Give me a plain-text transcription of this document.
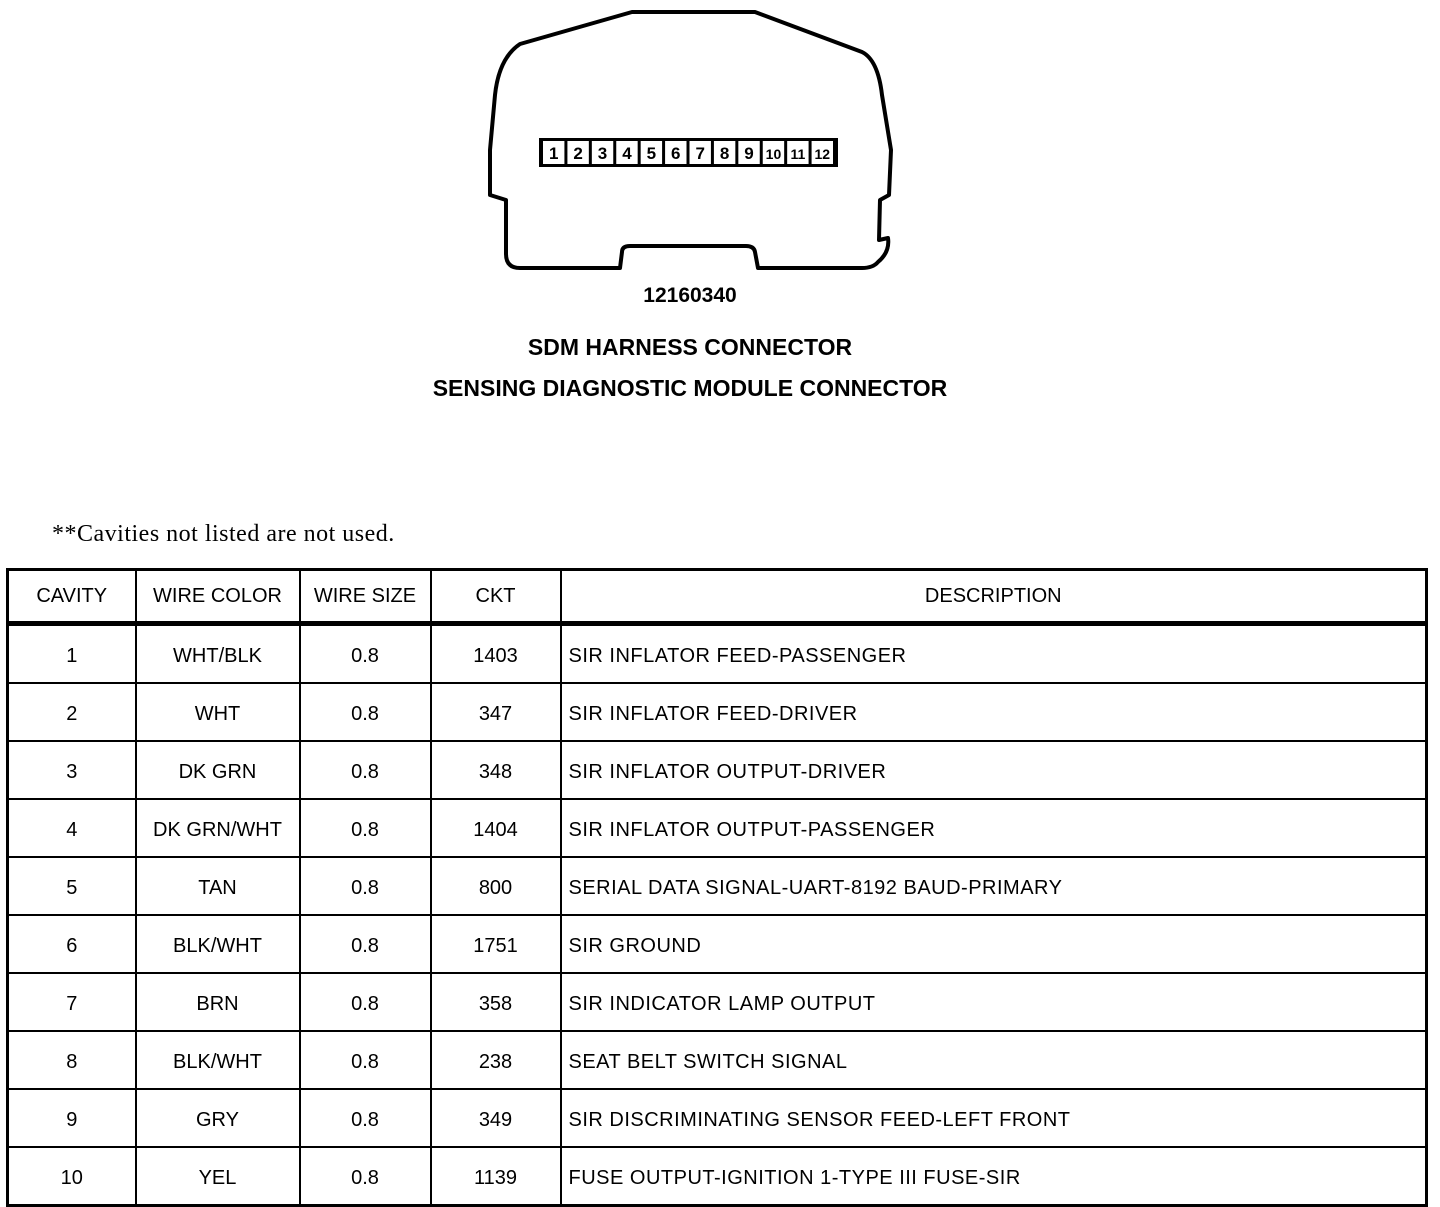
1 2 3 4 5 6 7 8 9 10 11 12
12160340
SDM HARNESS CONNECTOR
SENSING DIAGNOSTIC MODULE CONNECTOR
**Cavities not listed are not used.
CAVITY	WIRE COLOR	WIRE SIZE	CKT	DESCRIPTION
1	WHT/BLK	0.8	1403	SIR INFLATOR FEED-PASSENGER
2	WHT	0.8	347	SIR INFLATOR FEED-DRIVER
3	DK GRN	0.8	348	SIR INFLATOR OUTPUT-DRIVER
4	DK GRN/WHT	0.8	1404	SIR INFLATOR OUTPUT-PASSENGER
5	TAN	0.8	800	SERIAL DATA SIGNAL-UART-8192 BAUD-PRIMARY
6	BLK/WHT	0.8	1751	SIR GROUND
7	BRN	0.8	358	SIR INDICATOR LAMP OUTPUT
8	BLK/WHT	0.8	238	SEAT BELT SWITCH SIGNAL
9	GRY	0.8	349	SIR DISCRIMINATING SENSOR FEED-LEFT FRONT
10	YEL	0.8	1139	FUSE OUTPUT-IGNITION 1-TYPE III FUSE-SIR
